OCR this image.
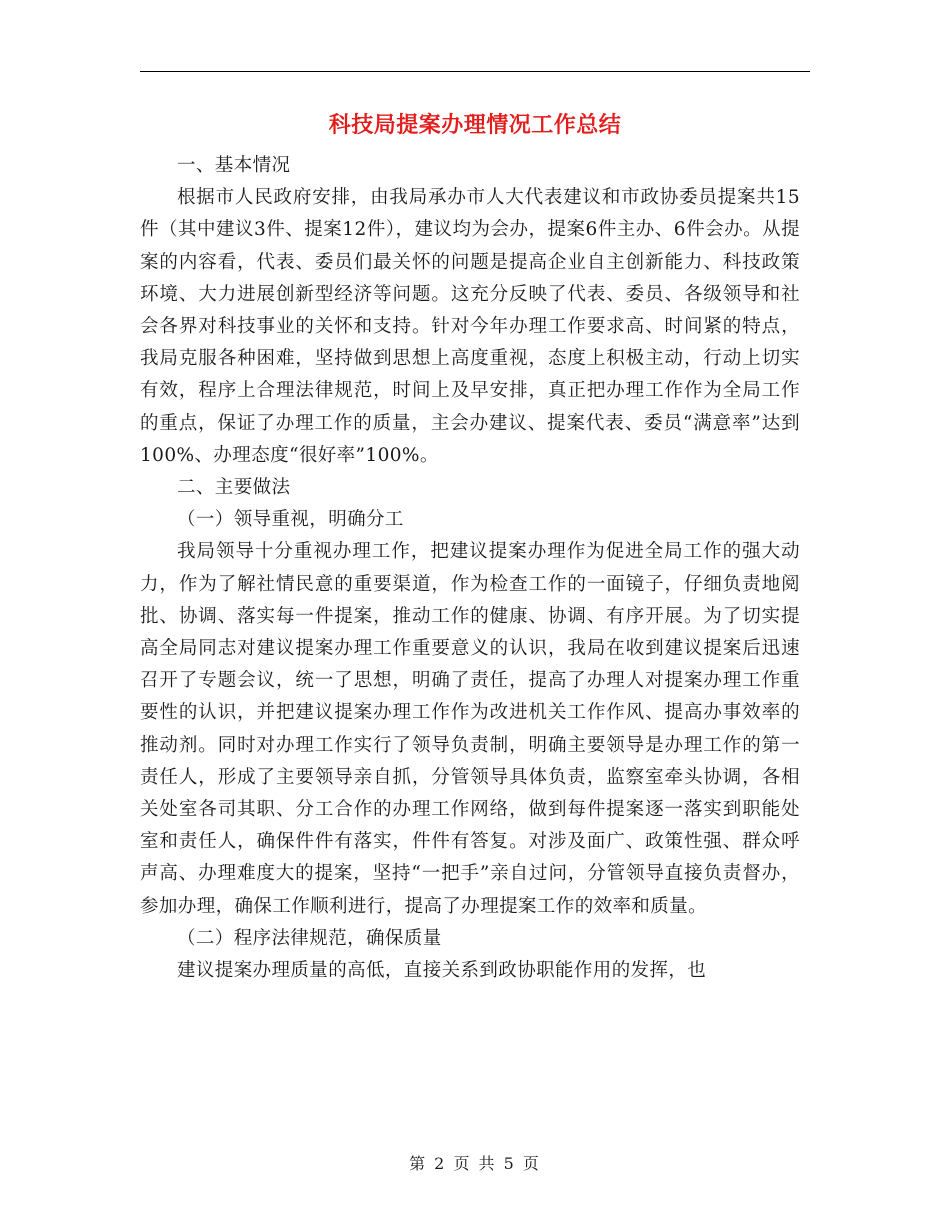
科技局提案办理情况工作总结

一、基本情况

根据市人民政府安排，由我局承办市人大代表建议和市政协委员提案共15件（其中建议3件、提案12件），建议均为会办，提案6件主办、6件会办。从提案的内容看，代表、委员们最关怀的问题是提高企业自主创新能力、科技政策环境、大力进展创新型经济等问题。这充分反映了代表、委员、各级领导和社会各界对科技事业的关怀和支持。针对今年办理工作要求高、时间紧的特点，我局克服各种困难，坚持做到思想上高度重视，态度上积极主动，行动上切实有效，程序上合理法律规范，时间上及早安排，真正把办理工作作为全局工作的重点，保证了办理工作的质量，主会办建议、提案代表、委员“满意率”达到100%、办理态度“很好率”100%。

二、主要做法

（一）领导重视，明确分工

我局领导十分重视办理工作，把建议提案办理作为促进全局工作的强大动力，作为了解社情民意的重要渠道，作为检查工作的一面镜子，仔细负责地阅批、协调、落实每一件提案，推动工作的健康、协调、有序开展。为了切实提高全局同志对建议提案办理工作重要意义的认识，我局在收到建议提案后迅速召开了专题会议，统一了思想，明确了责任，提高了办理人对提案办理工作重要性的认识，并把建议提案办理工作作为改进机关工作作风、提高办事效率的推动剂。同时对办理工作实行了领导负责制，明确主要领导是办理工作的第一责任人，形成了主要领导亲自抓，分管领导具体负责，监察室牵头协调，各相关处室各司其职、分工合作的办理工作网络，做到每件提案逐一落实到职能处室和责任人，确保件件有落实，件件有答复。对涉及面广、政策性强、群众呼声高、办理难度大的提案，坚持“一把手”亲自过问，分管领导直接负责督办，参加办理，确保工作顺利进行，提高了办理提案工作的效率和质量。

（二）程序法律规范，确保质量

建议提案办理质量的高低，直接关系到政协职能作用的发挥，也

第 2 页 共 5 页
